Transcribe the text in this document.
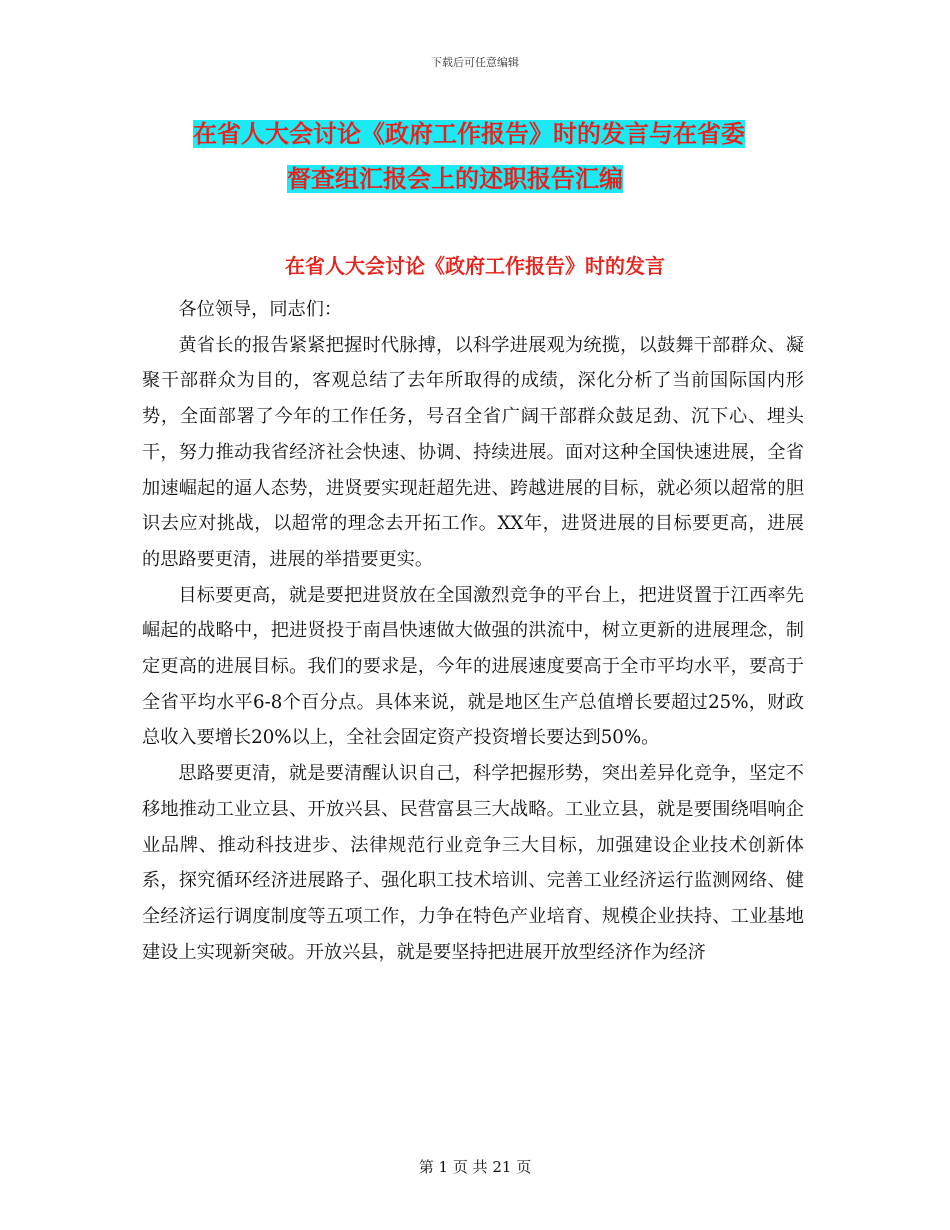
下载后可任意编辑
在省人大会讨论《政府工作报告》时的发言与在省委
督查组汇报会上的述职报告汇编
在省人大会讨论《政府工作报告》时的发言

各位领导，同志们：

黄省长的报告紧紧把握时代脉搏，以科学进展观为统揽，以鼓舞干部群众、凝聚干部群众为目的，客观总结了去年所取得的成绩，深化分析了当前国际国内形势，全面部署了今年的工作任务，号召全省广阔干部群众鼓足劲、沉下心、埋头干，努力推动我省经济社会快速、协调、持续进展。面对这种全国快速进展，全省加速崛起的逼人态势，进贤要实现赶超先进、跨越进展的目标，就必须以超常的胆识去应对挑战，以超常的理念去开拓工作。XX年，进贤进展的目标要更高，进展的思路要更清，进展的举措要更实。

目标要更高，就是要把进贤放在全国激烈竞争的平台上，把进贤置于江西率先崛起的战略中，把进贤投于南昌快速做大做强的洪流中，树立更新的进展理念，制定更高的进展目标。我们的要求是，今年的进展速度要高于全市平均水平，要高于全省平均水平6-8个百分点。具体来说，就是地区生产总值增长要超过25%，财政总收入要增长20%以上，全社会固定资产投资增长要达到50%。

思路要更清，就是要清醒认识自己，科学把握形势，突出差异化竞争，坚定不移地推动工业立县、开放兴县、民营富县三大战略。工业立县，就是要围绕唱响企业品牌、推动科技进步、法律规范行业竞争三大目标，加强建设企业技术创新体系，探究循环经济进展路子、强化职工技术培训、完善工业经济运行监测网络、健全经济运行调度制度等五项工作，力争在特色产业培育、规模企业扶持、工业基地建设上实现新突破。开放兴县，就是要坚持把进展开放型经济作为经济

第 1 页 共 21 页
